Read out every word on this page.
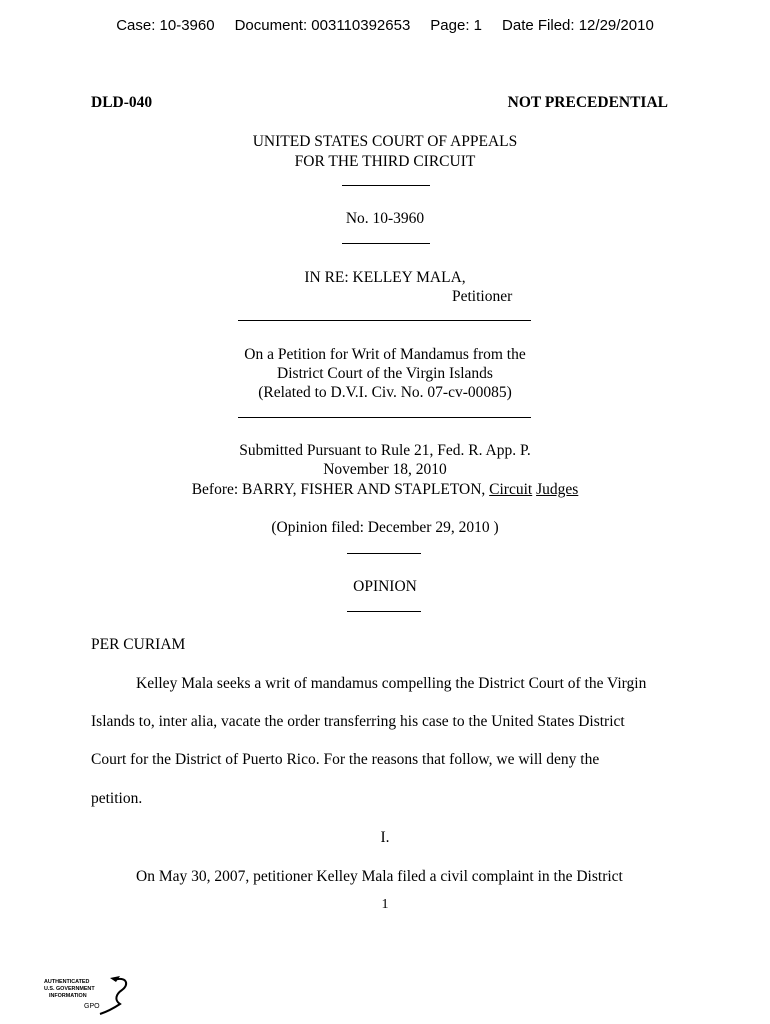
Case: 10-3960 Document: 003110392653 Page: 1 Date Filed: 12/29/2010
DLD-040	NOT PRECEDENTIAL
UNITED STATES COURT OF APPEALS
FOR THE THIRD CIRCUIT
No. 10-3960
IN RE: KELLEY MALA,
Petitioner
On a Petition for Writ of Mandamus from the
District Court of the Virgin Islands
(Related to D.V.I. Civ. No. 07-cv-00085)
Submitted Pursuant to Rule 21, Fed. R. App. P.
November 18, 2010
Before: BARRY, FISHER AND STAPLETON, Circuit Judges
(Opinion filed: December 29, 2010 )
OPINION
PER CURIAM
Kelley Mala seeks a writ of mandamus compelling the District Court of the Virgin
Islands to, inter alia, vacate the order transferring his case to the United States District
Court for the District of Puerto Rico. For the reasons that follow, we will deny the
petition.
I.
On May 30, 2007, petitioner Kelley Mala filed a civil complaint in the District
1
AUTHENTICATED
U.S. GOVERNMENT
INFORMATION
GPO
